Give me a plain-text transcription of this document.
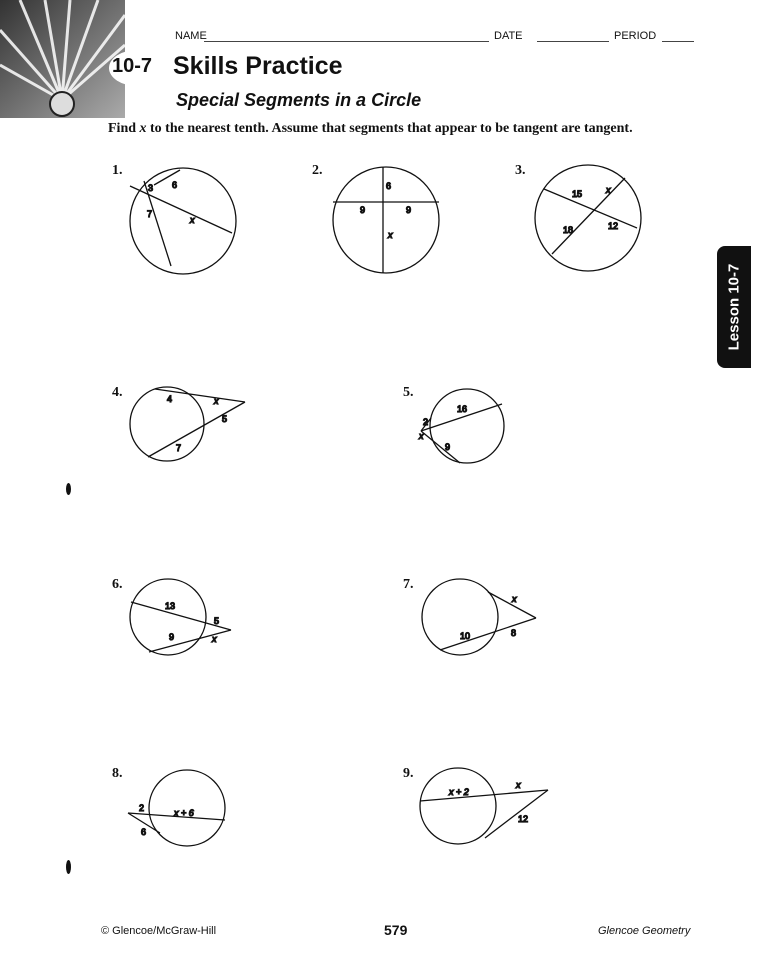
NAME	DATE	PERIOD
10-7 Skills Practice
Special Segments in a Circle
Find x to the nearest tenth. Assume that segments that appear to be tangent are tangent.
Lesson 10-7
1.	2.	3.
4.	5.
6.	7.
8.	9.
3 6
7
x
6
9	9
x
15	x
18	12
4	x
5
7
16
2
x
9
13
5
9	x
x
10	8
2	x + 6
6
x + 2
x
12
© Glencoe/McGraw-Hill	579	Glencoe Geometry
